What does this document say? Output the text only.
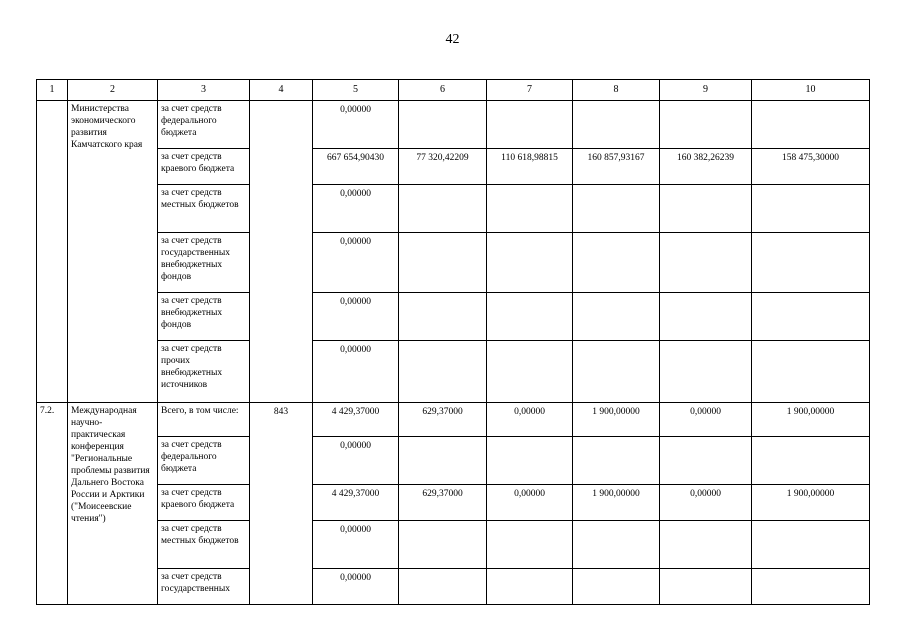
42
1	2	3	4	5	6	7	8	9	10
	Министерства экономического развития Камчатского края	за счет средств федерального бюджета		0,00000					
		за счет средств краевого бюджета		667 654,90430	77 320,42209	110 618,98815	160 857,93167	160 382,26239	158 475,30000
		за счет средств местных бюджетов		0,00000					
		за счет средств государственных внебюджетных фондов		0,00000					
		за счет средств внебюджетных фондов		0,00000					
		за счет средств прочих внебюджетных источников		0,00000					
7.2.	Международная научно-практическая конференция "Региональные проблемы развития Дальнего Востока России и Арктики ("Моисеевские чтения")	Всего, в том числе:	843	4 429,37000	629,37000	0,00000	1 900,00000	0,00000	1 900,00000
		за счет средств федерального бюджета		0,00000					
		за счет средств краевого бюджета		4 429,37000	629,37000	0,00000	1 900,00000	0,00000	1 900,00000
		за счет средств местных бюджетов		0,00000					
		за счет средств государственных		0,00000					
